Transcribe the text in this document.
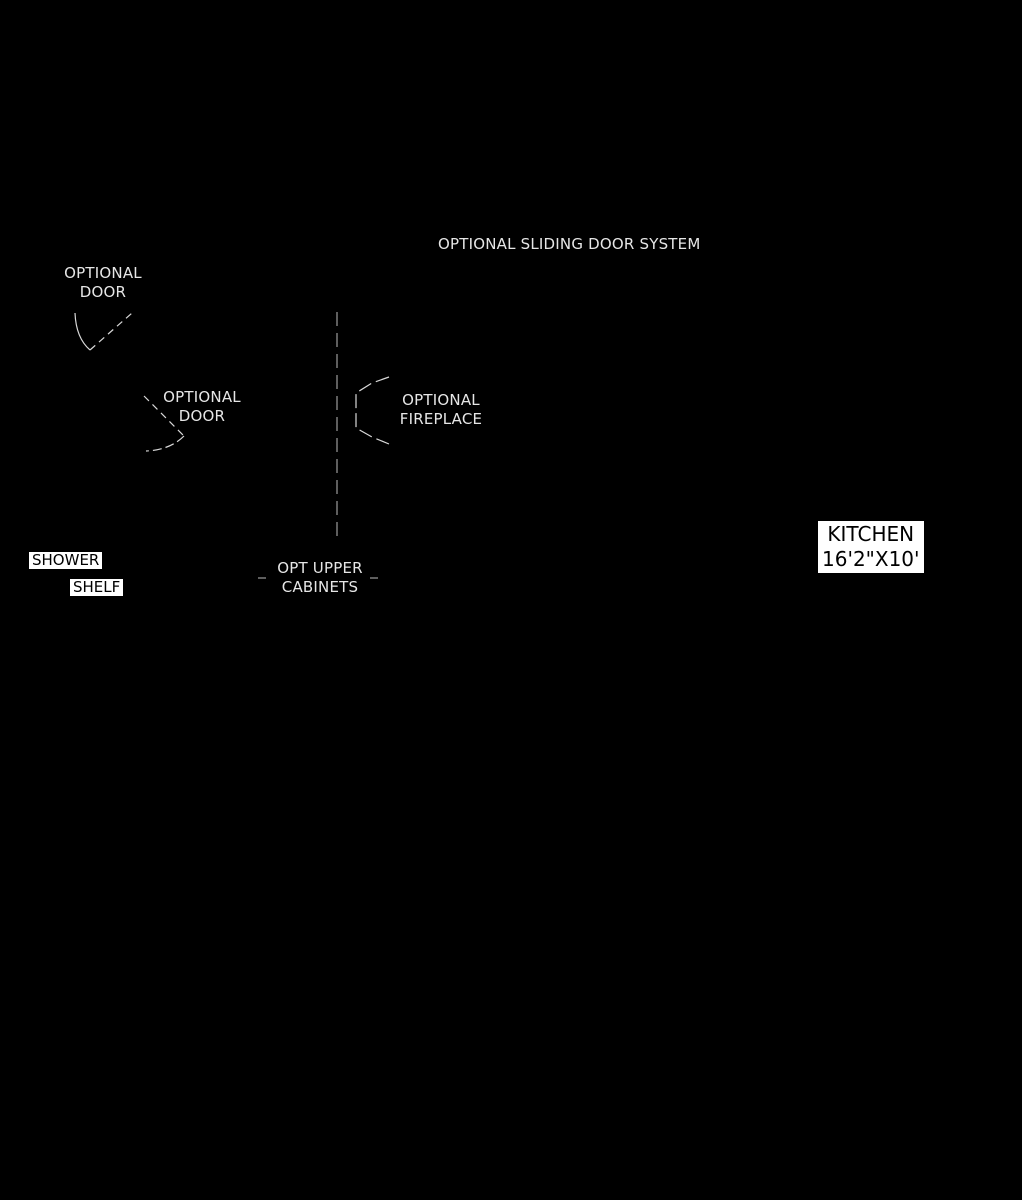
OPTIONAL SLIDING DOOR SYSTEM
OPTIONAL
DOOR
OPTIONAL
DOOR
OPTIONAL
FIREPLACE
OPT UPPER
CABINETS
KITCHEN
16'2"X10'
SHOWER
SHELF
